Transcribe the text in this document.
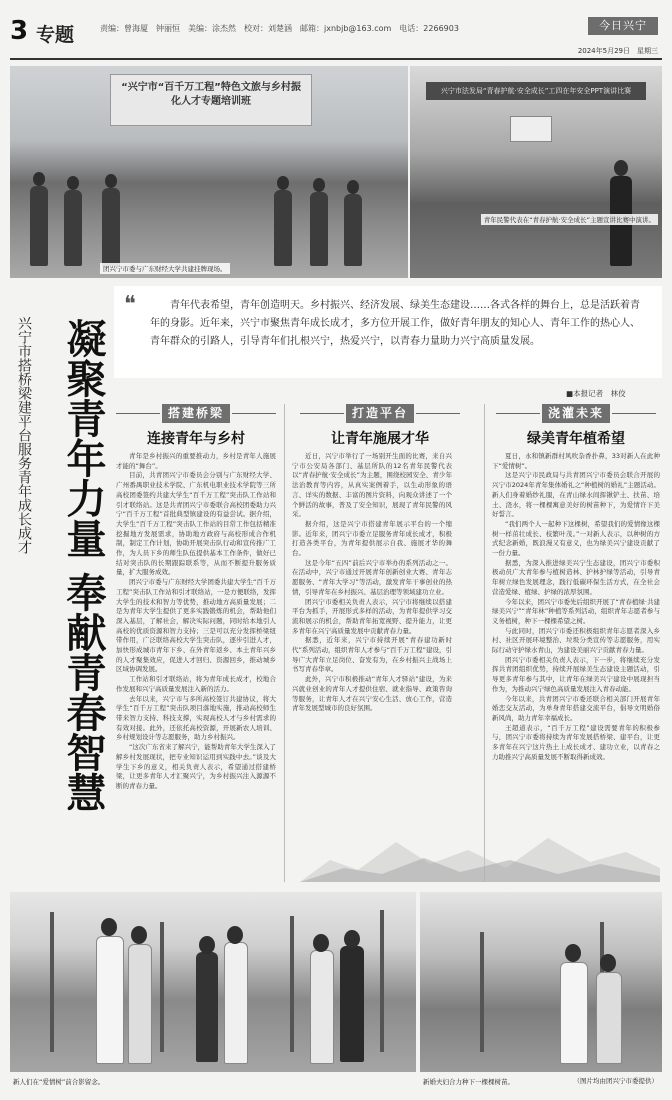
3 专题	责编：曾海厦　钟丽恒　美编：涂杰然　校对：刘楚涵　邮箱：jxnbjb@163.com　电话：2266903	今日兴宁
2024年5月29日　星期三
“兴宁市“百千万工程”特色文旅与乡村振化人才专题培训班
兴宁市法发局“青春护航·安全成长”工四在年安全PPT演讲比赛
团兴宁市委与广东财经大学共建挂牌现场。
青年民警代表在“青春护航·安全成长”主题宣讲比赛中演讲。
兴宁市搭桥梁建平台服务青年成长成才 凝聚青年力量 奉献青春智慧
❝	青年代表希望，青年创造明天。乡村振兴、经济发展、绿美生态建设……各式各样的舞台上，总是活跃着青年的身影。近年来，兴宁市聚焦青年成长成才，多方位开展工作，做好青年朋友的知心人、青年工作的热心人、青年群众的引路人，引导青年们扎根兴宁，热爱兴宁，以青春力量助力兴宁高质量发展。
■本报记者　林佼
搭建桥梁
连接青年与乡村
打造平台
让青年施展才华
浇灌未来
绿美青年植希望

青年是乡村振兴的重要推动力，乡村是青年人施展才能的“舞台”。

目前，共青团兴宁市委员会分别与广东财经大学、广州番禺职业技术学院、广东机电职业技术学院等三所高校团委签约共建大学生“百千万工程”突击队工作站和引才联络站。这是共青团兴宁市委联合高校团委助力兴宁“百千万工程”首批典型镇建设的有益尝试。据介绍，大学生“百千万工程”突击队工作站的目常工作包括精准挖掘地方发展需求，协助地方政府与高校形成合作机制，制定工作计划，协助开展突击队行动和宣传推广工作，为人员下乡的师生队伍提供基本工作条件，做好已结对突击队的长期跟踪联系等，从而不断提升服务质量，扩大服务成效。

团兴宁市委与广东财经大学团委共建大学生“百千万工程”突击队工作站和引才联络站，一是方便联络，发挥大学生的技术和智力等优势，推动地方高质量发展；二是为青年大学生提供了更多实践锻炼的机会，帮助他们深入基层，了解社会，解决实际问题，同时给本地引人高校的优质资源和智力支持；三是可以充分发挥桥梁纽带作用，广泛联络高校大学生突击队，逐步引进人才，加快形成城市青年下乡、在外青年返乡、本土青年兴乡的人才聚集效应，促进人才回归、资源回乡，推动城乡区域协调发展。

工作站和引才联络站，将为青年成长成才，校地合作发展和兴宁高质量发展注入新的活力。

去年以来，兴宁市与多所高校签订共建协议，将大学生“百千万工程”突击队项目落地实施，推动高校师生带来智力支持、科技支撑，实现高校人才与乡村需求的有效对接。此外，还依托高校资源，开展新农人培训、乡村规划设计等志愿服务，助力乡村振兴。

“这次广东省来了解兴宁，能帮助青年大学生深入了解乡村发展现状，把专业知识运用到实践中去。”谈及大学生下乡的意义，相关负责人表示，希望通过搭建桥梁，让更多青年人才汇聚兴宁，为乡村振兴注入源源不断的青春力量。

近日，兴宁市举行了一场别开生面的比赛，来自兴宁市公安局各部门、基层所队的12名青年民警代表以“青春护航·安全成长”为主题，围绕校园安全、青少年法治教育等内容，从真实案例着手，以生动形象的语言、详实的数据、丰富的图片资料，向观众讲述了一个个鲜活的故事，普及了安全知识，展现了青年民警的风采。

据介绍，这是兴宁市搭建青年展示平台的一个缩影。近年来，团兴宁市委立足服务青年成长成才，积极打造各类平台，为青年提供展示自我、施展才华的舞台。

这是今年“五四”前后兴宁市举办的系列活动之一。在活动中，兴宁市通过开展青年创新创业大赛、青年志愿服务、“青年大学习”等活动，激发青年干事创业的热情，引导青年在乡村振兴、基层治理等领域建功立业。

团兴宁市委相关负责人表示，兴宁市将继续以搭建平台为抓手，开展形式多样的活动，为青年提供学习交流和展示的机会，帮助青年拓宽视野、提升能力，让更多青年在兴宁高质量发展中贡献青春力量。

据悉，近年来，兴宁市持续开展“青春建功新时代”系列活动，组织青年人才参与“百千万工程”建设，引导广大青年立足岗位、奋发有为，在乡村振兴主战场上书写青春华章。

此外，兴宁市积极推动“青年人才驿站”建设，为来兴就业创业的青年人才提供住宿、就业指导、政策咨询等服务，让青年人才在兴宁安心生活、放心工作，营造青年发展型城市的良好氛围。

夏日，永和镇新群村风吹杂香扑鼻，33对新人在此种下“爱情树”。

这是兴宁市民政局与共青团兴宁市委员会联合开展的兴宁市2024年青年集体婚礼之“种植树的婚礼”主题活动。新人们身着婚纱礼服，在青山绿水间挥锹铲土、扶苗、培土、浇水，将一棵棵寓意美好的树苗种下，为爱情许下美好誓言。

“我们两个人一起种下这棵树，希望我们的爱情像这棵树一样茁壮成长、枝繁叶茂。”一对新人表示，以种树的方式纪念新婚，既浪漫又有意义，也为绿美兴宁建设贡献了一份力量。

据悉，为深入推进绿美兴宁生态建设，团兴宁市委积极动员广大青年参与植树造林、护林护绿等活动，引导青年树立绿色发展理念，践行低碳环保生活方式，在全社会营造爱绿、植绿、护绿的浓厚氛围。

今年以来，团兴宁市委先后组织开展了“青春植绿·共建绿美兴宁”“青年林”种植等系列活动，组织青年志愿者参与义务植树，种下一棵棵希望之树。

与此同时，团兴宁市委还积极组织青年志愿者深入乡村、社区开展环境整治、垃圾分类宣传等志愿服务，用实际行动守护绿水青山，为建设美丽兴宁贡献青春力量。

团兴宁市委相关负责人表示，下一步，将继续充分发挥共青团组织优势，持续开展绿美生态建设主题活动，引导更多青年参与其中，让青年在绿美兴宁建设中展现担当作为，为推动兴宁绿色高质量发展注入青春动能。

今年以来，共青团兴宁市委还联合相关部门开展青年婚恋交友活动，为单身青年搭建交流平台，倡导文明婚俗新风尚，助力青年幸福成长。

王超道表示，“百千万工程”建设需要青年的积极参与，团兴宁市委将持续为青年发展搭桥梁、建平台，让更多青年在兴宁这片热土上成长成才、建功立业，以青春之力助推兴宁高质量发展不断取得新成效。

新人们在“爱情树”前合影留念。	新婚夫妇合力种下一棵棵树苗。	（图片均由团兴宁市委提供）
